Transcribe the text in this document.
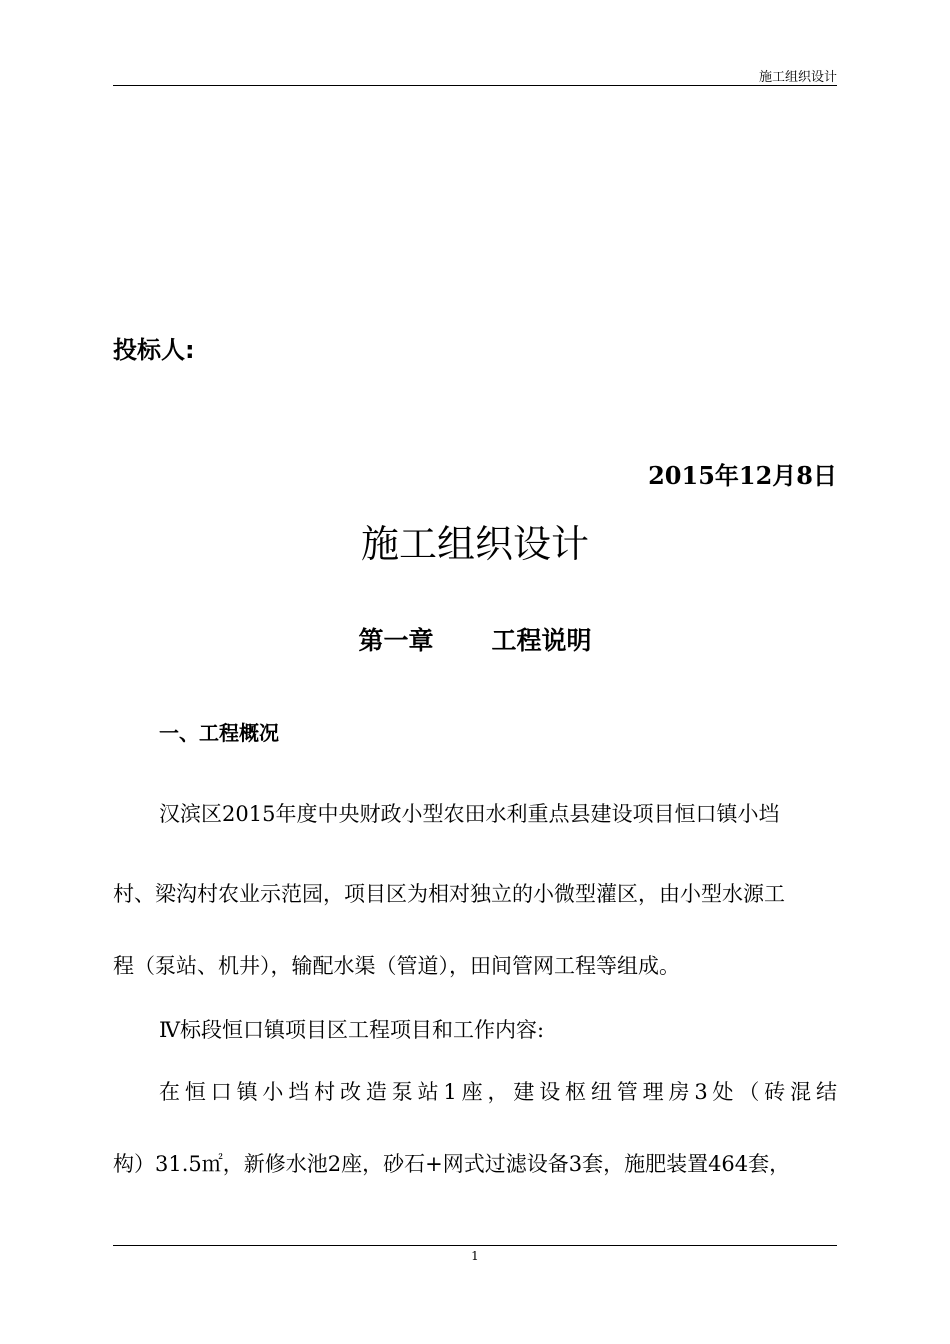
施工组织设计
投标人:
2015年12月8日
施工组织设计
第一章 工程说明
一、工程概况
汉滨区2015年度中央财政小型农田水利重点县建设项目恒口镇小垱
村、梁沟村农业示范园，项目区为相对独立的小微型灌区，由小型水源工
程（泵站、机井），输配水渠（管道），田间管网工程等组成。
Ⅳ标段恒口镇项目区工程项目和工作内容:
在恒口镇小垱村改造泵站1座，建设枢纽管理房3处（砖混结
构）31.5㎡，新修水池2座，砂石+网式过滤设备3套，施肥装置464套，
1
